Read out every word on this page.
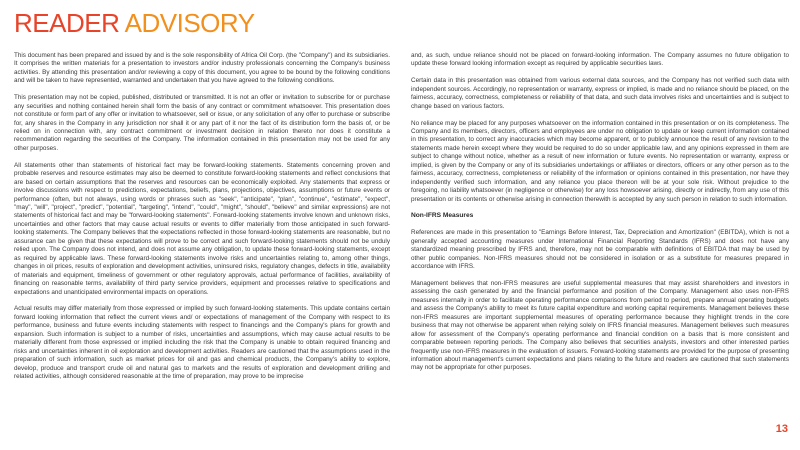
READER ADVISORY

This document has been prepared and issued by and is the sole responsibility of Africa Oil Corp. (the "Company") and its subsidiaries. It comprises the written materials for a presentation to investors and/or industry professionals concerning the Company's business activities. By attending this presentation and/or reviewing a copy of this document, you agree to be bound by the following conditions and will be taken to have represented, warranted and undertaken that you have agreed to the following conditions.

This presentation may not be copied, published, distributed or transmitted. It is not an offer or invitation to subscribe for or purchase any securities and nothing contained herein shall form the basis of any contract or commitment whatsoever. This presentation does not constitute or form part of any offer or invitation to whatsoever, sell or issue, or any solicitation of any offer to purchase or subscribe for, any shares in the Company in any jurisdiction nor shall it or any part of it nor the fact of its distribution form the basis of, or be relied on in connection with, any contract commitment or investment decision in relation thereto nor does it constitute a recommendation regarding the securities of the Company. The information contained in this presentation may not be used for any other purposes.

All statements other than statements of historical fact may be forward-looking statements. Statements concerning proven and probable reserves and resource estimates may also be deemed to constitute forward-looking statements and reflect conclusions that are based on certain assumptions that the reserves and resources can be economically exploited. Any statements that express or involve discussions with respect to predictions, expectations, beliefs, plans, projections, objectives, assumptions or future events or performance (often, but not always, using words or phrases such as "seek", "anticipate", "plan", "continue", "estimate", "expect", "may", "will", "project", "predict", "potential", "targeting", "intend", "could", "might", "should", "believe" and similar expressions) are not statements of historical fact and may be "forward-looking statements". Forward-looking statements involve known and unknown risks, uncertainties and other factors that may cause actual results or events to differ materially from those anticipated in such forward-looking statements. The Company believes that the expectations reflected in those forward-looking statements are reasonable, but no assurance can be given that these expectations will prove to be correct and such forward-looking statements should not be unduly relied upon. The Company does not intend, and does not assume any obligation, to update these forward-looking statements, except as required by applicable laws. These forward-looking statements involve risks and uncertainties relating to, among other things, changes in oil prices, results of exploration and development activities, uninsured risks, regulatory changes, defects in title, availability of materials and equipment, timeliness of government or other regulatory approvals, actual performance of facilities, availability of financing on reasonable terms, availability of third party service providers, equipment and processes relative to specifications and expectations and unanticipated environmental impacts on operations.

Actual results may differ materially from those expressed or implied by such forward-looking statements. This update contains certain forward looking information that reflect the current views and/ or expectations of management of the Company with respect to its performance, business and future events including statements with respect to financings and the Company's plans for growth and expansion. Such information is subject to a number of risks, uncertainties and assumptions, which may cause actual results to be materially different from those expressed or implied including the risk that the Company is unable to obtain required financing and risks and uncertainties inherent in oil exploration and development activities. Readers are cautioned that the assumptions used in the preparation of such information, such as market prices for oil and gas and chemical products, the Company's ability to explore, develop, produce and transport crude oil and natural gas to markets and the results of exploration and development drilling and related activities, although considered reasonable at the time of preparation, may prove to be imprecise

and, as such, undue reliance should not be placed on forward-looking information. The Company assumes no future obligation to update these forward looking information except as required by applicable securities laws.

Certain data in this presentation was obtained from various external data sources, and the Company has not verified such data with independent sources. Accordingly, no representation or warranty, express or implied, is made and no reliance should be placed, on the fairness, accuracy, correctness, completeness or reliability of that data, and such data involves risks and uncertainties and is subject to change based on various factors.

No reliance may be placed for any purposes whatsoever on the information contained in this presentation or on its completeness. The Company and its members, directors, officers and employees are under no obligation to update or keep current information contained in this presentation, to correct any inaccuracies which may become apparent, or to publicly announce the result of any revision to the statements made herein except where they would be required to do so under applicable law, and any opinions expressed in them are subject to change without notice, whether as a result of new information or future events. No representation or warranty, express or implied, is given by the Company or any of its subsidiaries undertakings or affiliates or directors, officers or any other person as to the fairness, accuracy, correctness, completeness or reliability of the information or opinions contained in this presentation, nor have they independently verified such information, and any reliance you place thereon will be at your sole risk. Without prejudice to the foregoing, no liability whatsoever (in negligence or otherwise) for any loss howsoever arising, directly or indirectly, from any use of this presentation or its contents or otherwise arising in connection therewith is accepted by any such person in relation to such information.

Non-IFRS Measures

References are made in this presentation to "Earnings Before Interest, Tax, Depreciation and Amortization" (EBITDA), which is not a generally accepted accounting measures under International Financial Reporting Standards (IFRS) and does not have any standardized meaning prescribed by IFRS and, therefore, may not be comparable with definitions of EBITDA that may be used by other public companies. Non-IFRS measures should not be considered in isolation or as a substitute for measures prepared in accordance with IFRS.

Management believes that non-IFRS measures are useful supplemental measures that may assist shareholders and investors in assessing the cash generated by and the financial performance and position of the Company. Management also uses non-IFRS measures internally in order to facilitate operating performance comparisons from period to period, prepare annual operating budgets and assess the Company's ability to meet its future capital expenditure and working capital requirements. Management believes these non-IFRS measures are important supplemental measures of operating performance because they highlight trends in the core business that may not otherwise be apparent when relying solely on IFRS financial measures. Management believes such measures allow for assessment of the Company's operating performance and financial condition on a basis that is more consistent and comparable between reporting periods. The Company also believes that securities analysts, investors and other interested parties frequently use non-IFRS measures in the evaluation of issuers. Forward-looking statements are provided for the purpose of presenting information about management's current expectations and plans relating to the future and readers are cautioned that such statements may not be appropriate for other purposes.

13
